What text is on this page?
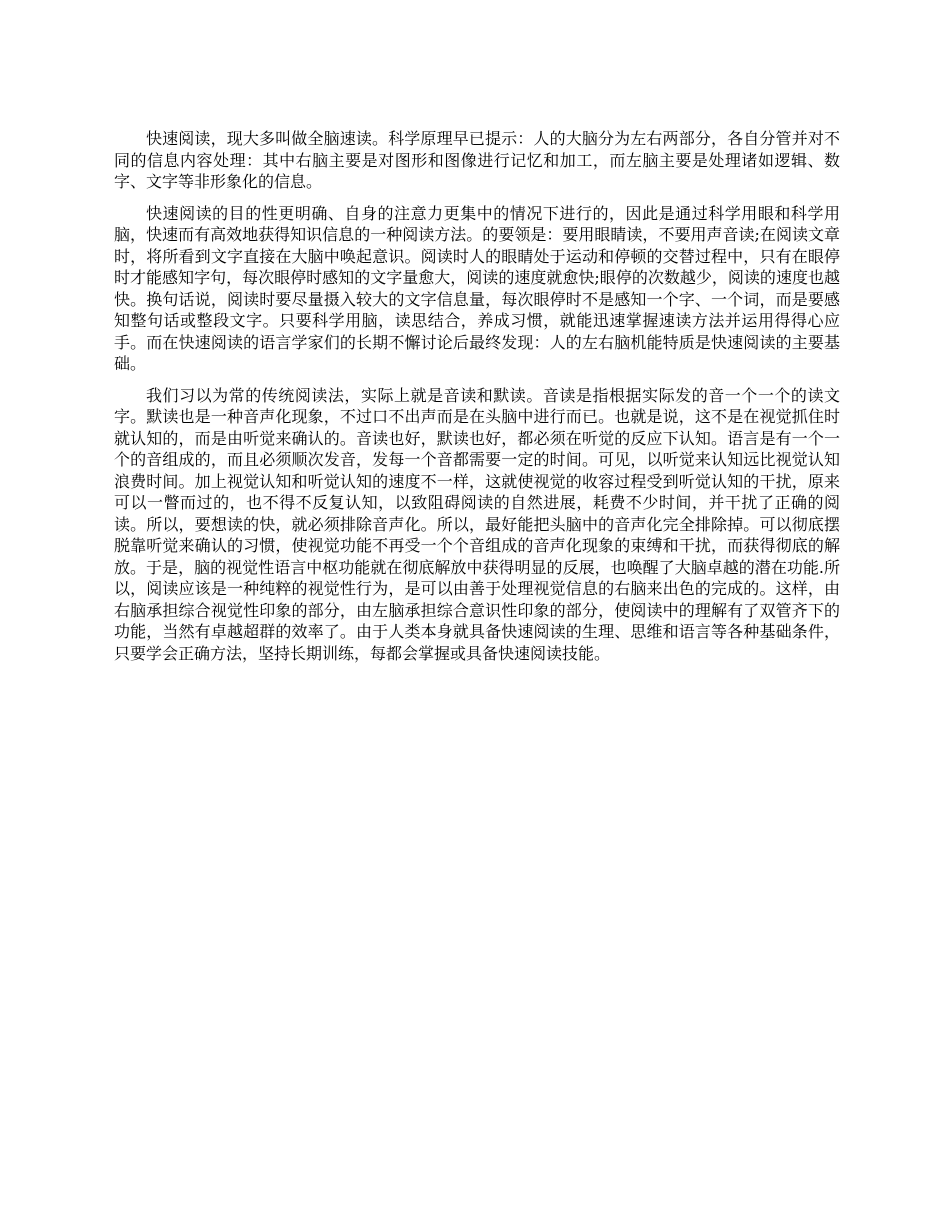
快速阅读，现大多叫做全脑速读。科学原理早已提示：人的大脑分为左右两部分，各自分管并对不同的信息内容处理：其中右脑主要是对图形和图像进行记忆和加工，而左脑主要是处理诸如逻辑、数字、文字等非形象化的信息。

快速阅读的目的性更明确、自身的注意力更集中的情况下进行的，因此是通过科学用眼和科学用脑，快速而有高效地获得知识信息的一种阅读方法。的要领是：要用眼睛读，不要用声音读;在阅读文章时，将所看到文字直接在大脑中唤起意识。阅读时人的眼睛处于运动和停顿的交替过程中，只有在眼停时才能感知字句，每次眼停时感知的文字量愈大，阅读的速度就愈快;眼停的次数越少，阅读的速度也越快。换句话说，阅读时要尽量摄入较大的文字信息量，每次眼停时不是感知一个字、一个词，而是要感知整句话或整段文字。只要科学用脑，读思结合，养成习惯，就能迅速掌握速读方法并运用得得心应手。而在快速阅读的语言学家们的长期不懈讨论后最终发现：人的左右脑机能特质是快速阅读的主要基础。

我们习以为常的传统阅读法，实际上就是音读和默读。音读是指根据实际发的音一个一个的读文字。默读也是一种音声化现象，不过口不出声而是在头脑中进行而已。也就是说，这不是在视觉抓住时就认知的，而是由听觉来确认的。音读也好，默读也好，都必须在听觉的反应下认知。语言是有一个一个的音组成的，而且必须顺次发音，发每一个音都需要一定的时间。可见，以听觉来认知远比视觉认知浪费时间。加上视觉认知和听觉认知的速度不一样，这就使视觉的收容过程受到听觉认知的干扰，原来可以一瞥而过的，也不得不反复认知，以致阻碍阅读的自然进展，耗费不少时间，并干扰了正确的阅读。所以，要想读的快，就必须排除音声化。所以，最好能把头脑中的音声化完全排除掉。可以彻底摆脱靠听觉来确认的习惯，使视觉功能不再受一个个音组成的音声化现象的束缚和干扰，而获得彻底的解放。于是，脑的视觉性语言中枢功能就在彻底解放中获得明显的反展，也唤醒了大脑卓越的潜在功能.所以，阅读应该是一种纯粹的视觉性行为，是可以由善于处理视觉信息的右脑来出色的完成的。这样，由右脑承担综合视觉性印象的部分，由左脑承担综合意识性印象的部分，使阅读中的理解有了双管齐下的功能，当然有卓越超群的效率了。由于人类本身就具备快速阅读的生理、思维和语言等各种基础条件，只要学会正确方法，坚持长期训练，每都会掌握或具备快速阅读技能。
